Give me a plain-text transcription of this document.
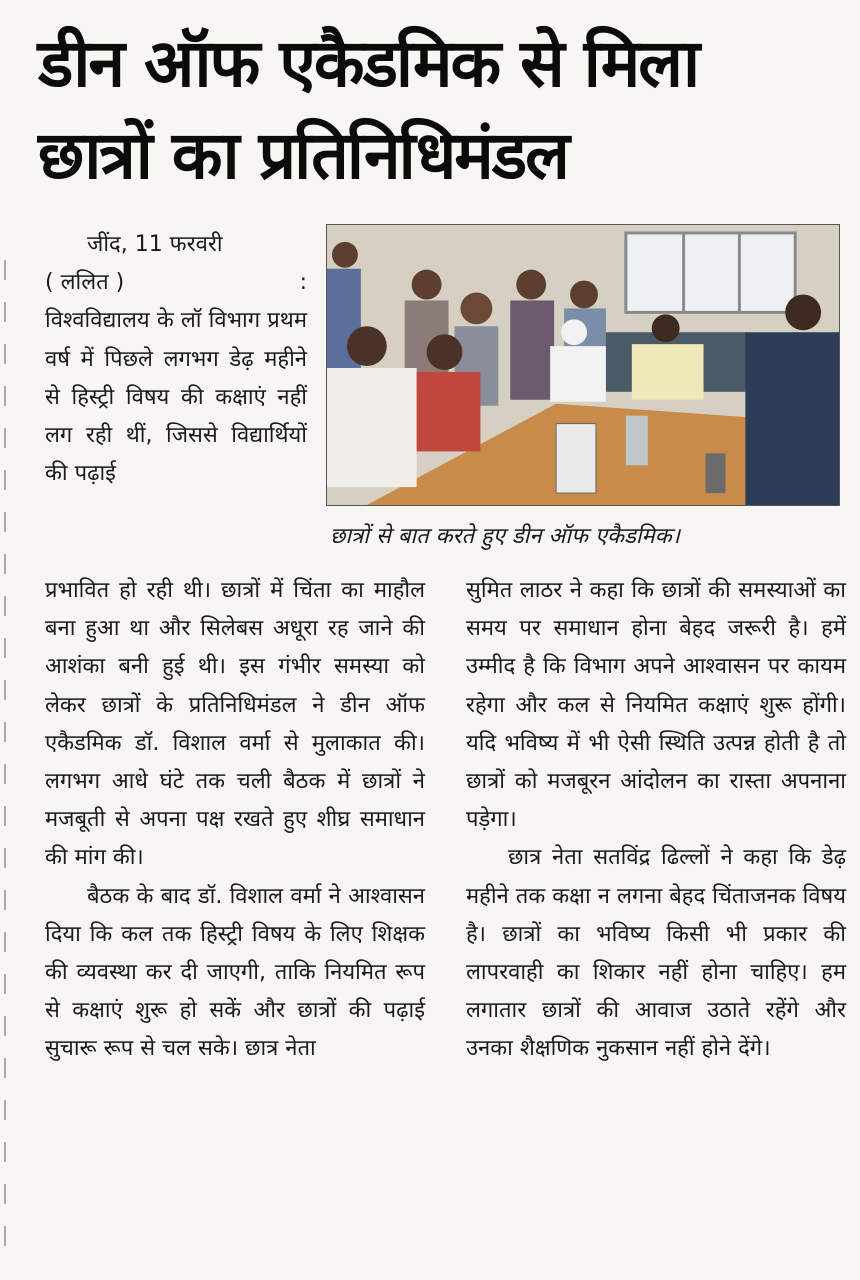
डीन ऑफ एकैडमिक से मिला
छात्रों का प्रतिनिधिमंडल

जींद, 11 फरवरी

( ललित )	:

विश्वविद्यालय के लॉ विभाग प्रथम वर्ष में पिछले लगभग डेढ़ महीने से हिस्ट्री विषय की कक्षाएं नहीं लग रही थीं, जिससे विद्यार्थियों की पढ़ाई

छात्रों से बात करते हुए डीन ऑफ एकैडमिक।

प्रभावित हो रही थी। छात्रों में चिंता का माहौल बना हुआ था और सिलेबस अधूरा रह जाने की आशंका बनी हुई थी। इस गंभीर समस्या को लेकर छात्रों के प्रतिनिधिमंडल ने डीन ऑफ एकैडमिक डॉ. विशाल वर्मा से मुलाकात की। लगभग आधे घंटे तक चली बैठक में छात्रों ने मजबूती से अपना पक्ष रखते हुए शीघ्र समाधान की मांग की।

बैठक के बाद डॉ. विशाल वर्मा ने आश्वासन दिया कि कल तक हिस्ट्री विषय के लिए शिक्षक की व्यवस्था कर दी जाएगी, ताकि नियमित रूप से कक्षाएं शुरू हो सकें और छात्रों की पढ़ाई सुचारू रूप से चल सके। छात्र नेता

सुमित लाठर ने कहा कि छात्रों की समस्याओं का समय पर समाधान होना बेहद जरूरी है। हमें उम्मीद है कि विभाग अपने आश्वासन पर कायम रहेगा और कल से नियमित कक्षाएं शुरू होंगी। यदि भविष्य में भी ऐसी स्थिति उत्पन्न होती है तो छात्रों को मजबूरन आंदोलन का रास्ता अपनाना पड़ेगा।

छात्र नेता सतविंद्र ढिल्लों ने कहा कि डेढ़ महीने तक कक्षा न लगना बेहद चिंताजनक विषय है। छात्रों का भविष्य किसी भी प्रकार की लापरवाही का शिकार नहीं होना चाहिए। हम लगातार छात्रों की आवाज उठाते रहेंगे और उनका शैक्षणिक नुकसान नहीं होने देंगे।
